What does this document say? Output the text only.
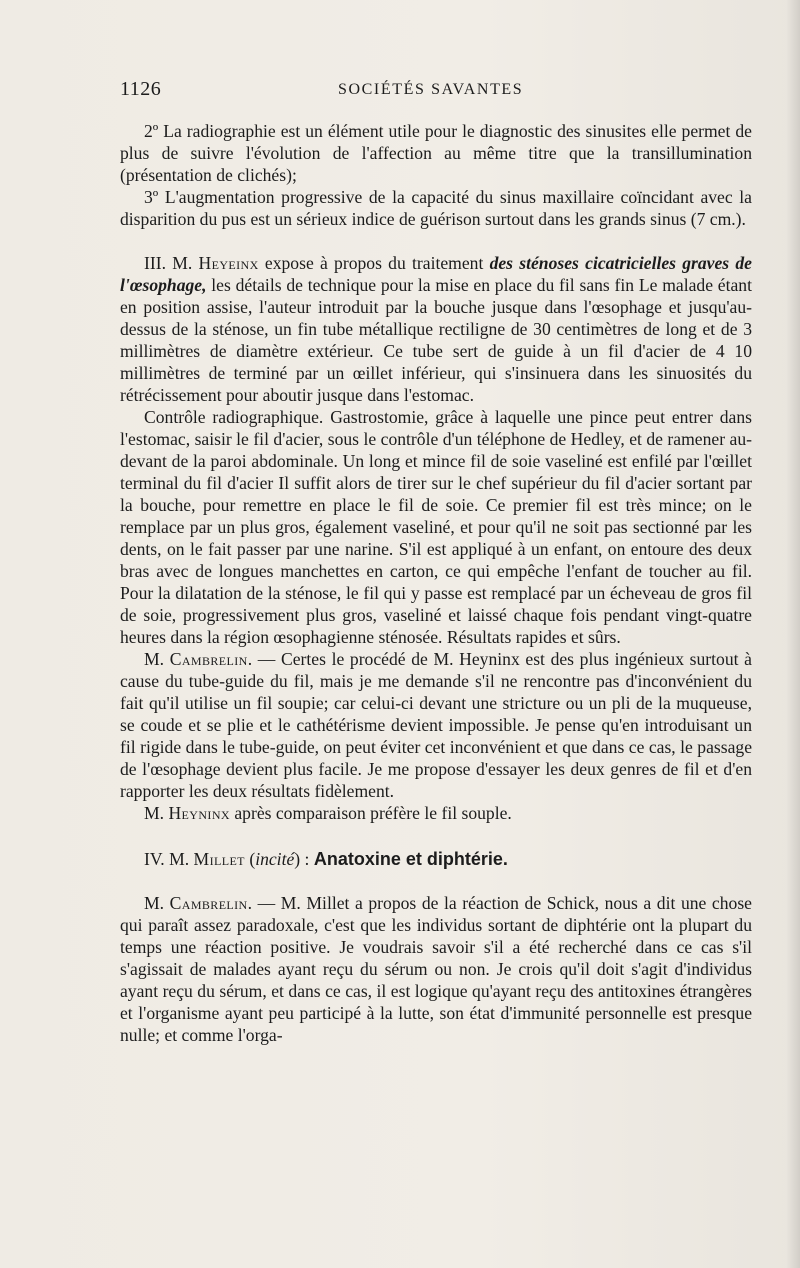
1126	SOCIÉTÉS SAVANTES

2º La radiographie est un élément utile pour le diagnostic des sinusites elle permet de plus de suivre l'évolution de l'affection au même titre que la transillumination (présentation de clichés);

3º L'augmentation progressive de la capacité du sinus maxillaire coïncidant avec la disparition du pus est un sérieux indice de guérison surtout dans les grands sinus (7 cm.).

III. M. Heyeinx expose à propos du traitement des sténoses cicatricielles graves de l'œsophage, les détails de technique pour la mise en place du fil sans fin Le malade étant en position assise, l'auteur introduit par la bouche jusque dans l'œsophage et jusqu'au-dessus de la sténose, un fin tube métallique rectiligne de 30 centimètres de long et de 3 millimètres de diamètre extérieur. Ce tube sert de guide à un fil d'acier de 4 10 millimètres de terminé par un œillet inférieur, qui s'insinuera dans les sinuosités du rétrécissement pour aboutir jusque dans l'estomac.

Contrôle radiographique. Gastrostomie, grâce à laquelle une pince peut entrer dans l'estomac, saisir le fil d'acier, sous le contrôle d'un téléphone de Hedley, et de ramener au-devant de la paroi abdominale. Un long et mince fil de soie vaseliné est enfilé par l'œillet terminal du fil d'acier Il suffit alors de tirer sur le chef supérieur du fil d'acier sortant par la bouche, pour remettre en place le fil de soie. Ce premier fil est très mince; on le remplace par un plus gros, également vaseliné, et pour qu'il ne soit pas sectionné par les dents, on le fait passer par une narine. S'il est appliqué à un enfant, on entoure des deux bras avec de longues manchettes en carton, ce qui empêche l'enfant de toucher au fil. Pour la dilatation de la sténose, le fil qui y passe est remplacé par un écheveau de gros fil de soie, progressivement plus gros, vaseliné et laissé chaque fois pendant vingt-quatre heures dans la région œsophagienne sténosée. Résultats rapides et sûrs.

M. Cambrelin. — Certes le procédé de M. Heyninx est des plus ingénieux surtout à cause du tube-guide du fil, mais je me demande s'il ne rencontre pas d'inconvénient du fait qu'il utilise un fil soupie; car celui-ci devant une stricture ou un pli de la muqueuse, se coude et se plie et le cathétérisme devient impossible. Je pense qu'en introduisant un fil rigide dans le tube-guide, on peut éviter cet inconvénient et que dans ce cas, le passage de l'œsophage devient plus facile. Je me propose d'essayer les deux genres de fil et d'en rapporter les deux résultats fidèlement.

M. Heyninx après comparaison préfère le fil souple.

IV. M. Millet (incité) : Anatoxine et diphtérie.

M. Cambrelin. — M. Millet a propos de la réaction de Schick, nous a dit une chose qui paraît assez paradoxale, c'est que les individus sortant de diphtérie ont la plupart du temps une réaction positive. Je voudrais savoir s'il a été recherché dans ce cas s'il s'agissait de malades ayant reçu du sérum ou non. Je crois qu'il doit s'agit d'individus ayant reçu du sérum, et dans ce cas, il est logique qu'ayant reçu des antitoxines étrangères et l'organisme ayant peu participé à la lutte, son état d'immunité personnelle est presque nulle; et comme l'orga-
